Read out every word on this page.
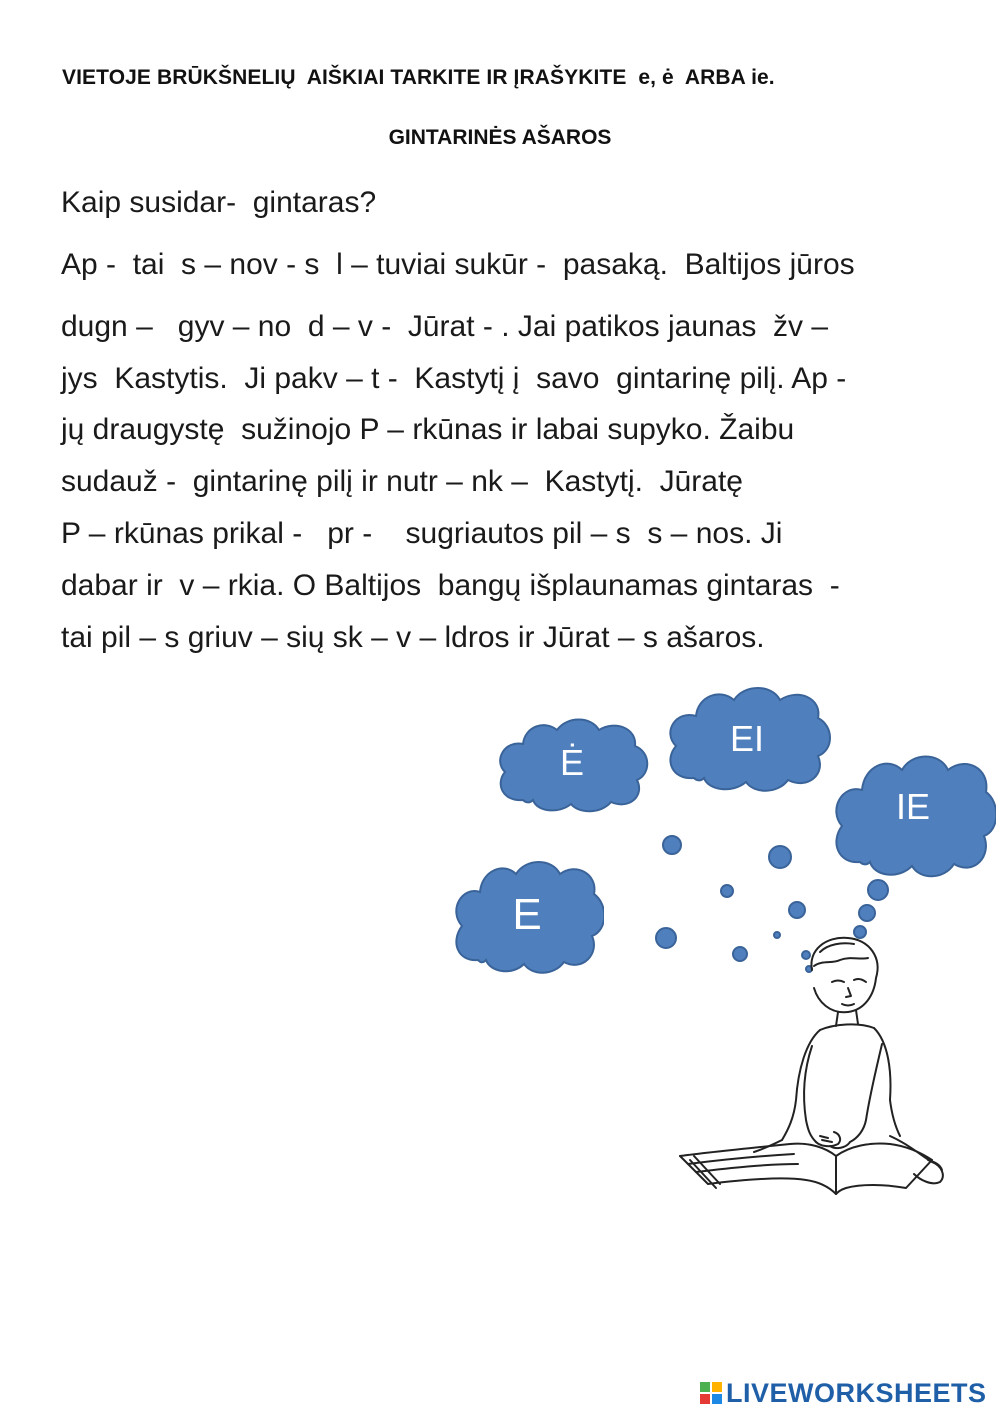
VIETOJE BRŪKŠNELIŲ  AIŠKIAI TARKITE IR ĮRAŠYKITE  e, ė  ARBA ie.
GINTARINĖS AŠAROS
Kaip susidar-  gintaras?
Ap -  tai  s – nov - s  l – tuviai sukūr -  pasaką.  Baltijos jūros
dugn –   gyv – no  d – v -  Jūrat - . Jai patikos jaunas  žv –
jys  Kastytis.  Ji pakv – t -  Kastytį į  savo  gintarinę pilį. Ap -
jų draugystę  sužinojo P – rkūnas ir labai supyko. Žaibu
sudauž -  gintarinę pilį ir nutr – nk –  Kastytį.  Jūratę
P – rkūnas prikal -   pr -    sugriautos pil – s  s – nos. Ji
dabar ir  v – rkia. O Baltijos  bangų išplaunamas gintaras  -
tai pil – s griuv – sių sk – v – ldros ir Jūrat – s ašaros.
Ė
EI
IE
E
LIVEWORKSHEETS
